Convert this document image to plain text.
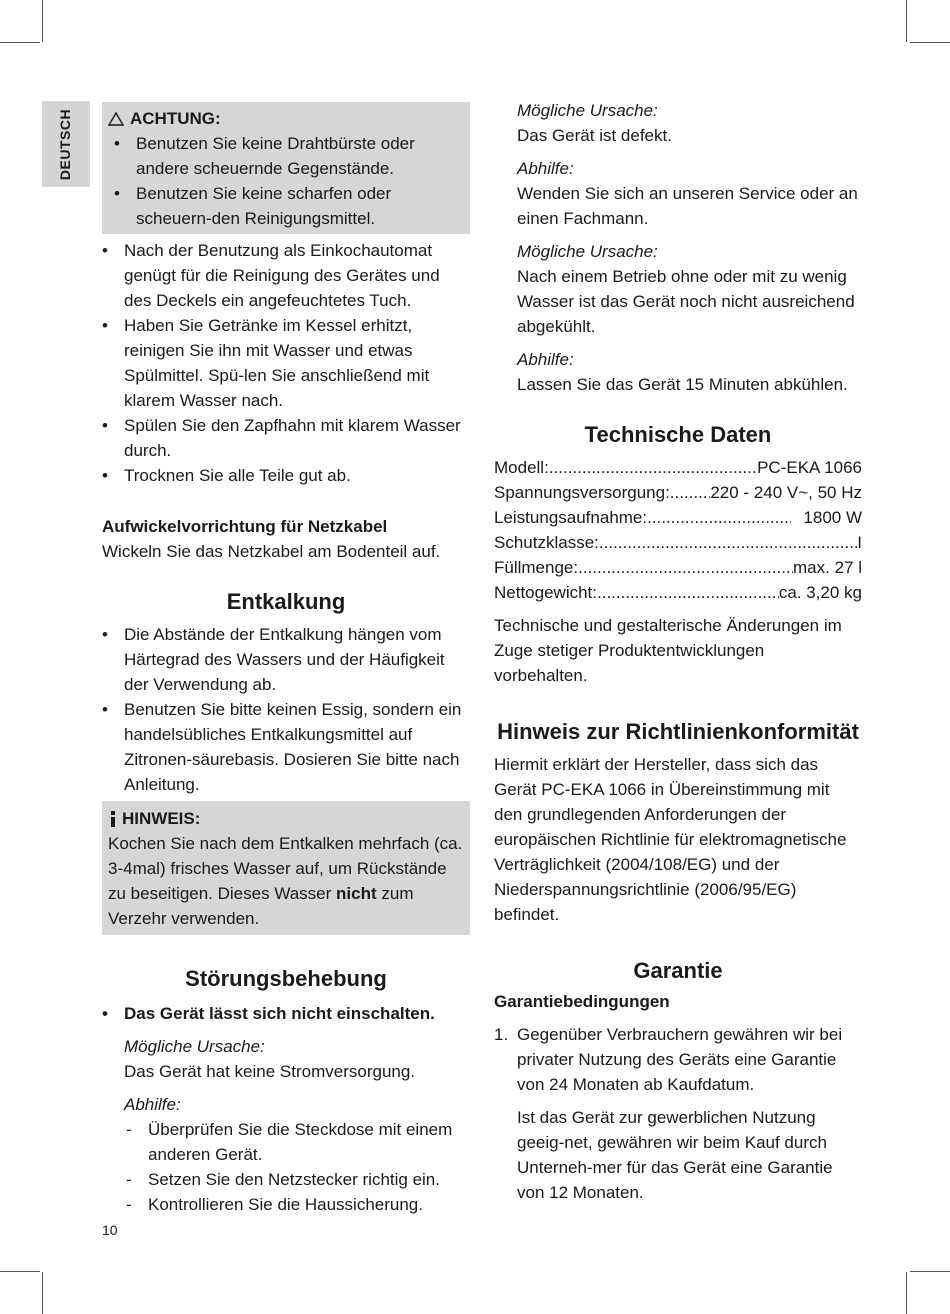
DEUTSCH	ACHTUNG:
• Benutzen Sie keine Drahtbürste oder andere scheuernde Gegenstände.
• Benutzen Sie keine scharfen oder scheuern-den Reinigungsmittel.
• Nach der Benutzung als Einkochautomat genügt für die Reinigung des Gerätes und des Deckels ein angefeuchtetes Tuch.
• Haben Sie Getränke im Kessel erhitzt, reinigen Sie ihn mit Wasser und etwas Spülmittel. Spü-len Sie anschließend mit klarem Wasser nach.
• Spülen Sie den Zapfhahn mit klarem Wasser durch.
• Trocknen Sie alle Teile gut ab.
Aufwickelvorrichtung für Netzkabel

Wickeln Sie das Netzkabel am Bodenteil auf.

Entkalkung
• Die Abstände der Entkalkung hängen vom Härtegrad des Wassers und der Häufigkeit der Verwendung ab.
• Benutzen Sie bitte keinen Essig, sondern ein handelsübliches Entkalkungsmittel auf Zitronen-säurebasis. Dosieren Sie bitte nach Anleitung.
HINWEIS:

Kochen Sie nach dem Entkalken mehrfach (ca. 3-4mal) frisches Wasser auf, um Rückstände zu beseitigen. Dieses Wasser nicht zum Verzehr verwenden.

Störungsbehebung
• Das Gerät lässt sich nicht einschalten.
Mögliche Ursache:

Das Gerät hat keine Stromversorgung.

Abhilfe:
- Überprüfen Sie die Steckdose mit einem anderen Gerät.
- Setzen Sie den Netzstecker richtig ein.
- Kontrollieren Sie die Haussicherung.
Mögliche Ursache:

Das Gerät ist defekt.

Abhilfe:

Wenden Sie sich an unseren Service oder an einen Fachmann.

Mögliche Ursache:

Nach einem Betrieb ohne oder mit zu wenig Wasser ist das Gerät noch nicht ausreichend abgekühlt.

Abhilfe:

Lassen Sie das Gerät 15 Minuten abkühlen.

Technische Daten
Modell: .....	PC-EKA 1066
Spannungsversorgung: ..... 220 - 240 V~, 50 Hz
Leistungsaufnahme: .....	1800 W
Schutzklasse: .....	I
Füllmenge: .....	max. 27 l
Nettogewicht: .....	ca. 3,20 kg

Technische und gestalterische Änderungen im Zuge stetiger Produktentwicklungen vorbehalten.

Hinweis zur Richtlinienkonformität

Hiermit erklärt der Hersteller, dass sich das Gerät PC-EKA 1066 in Übereinstimmung mit den grundlegenden Anforderungen der europäischen Richtlinie für elektromagnetische Verträglichkeit (2004/108/EG) und der Niederspannungsrichtlinie (2006/95/EG) befindet.

Garantie
Garantiebedingungen
1. Gegenüber Verbrauchern gewähren wir bei privater Nutzung des Geräts eine Garantie von 24 Monaten ab Kaufdatum.

Ist das Gerät zur gewerblichen Nutzung geeig-net, gewähren wir beim Kauf durch Unterneh-mer für das Gerät eine Garantie von 12 Monaten.

10
